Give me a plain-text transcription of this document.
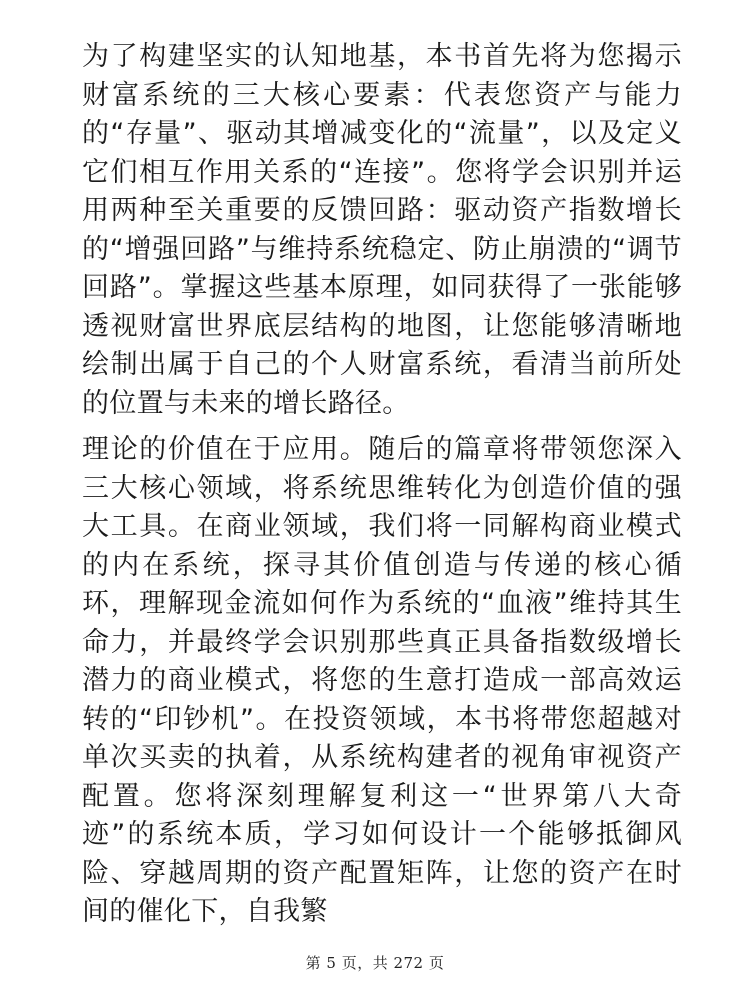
为了构建坚实的认知地基，本书首先将为您揭示财富系统的三大核心要素：代表您资产与能力的“存量”、驱动其增减变化的“流量”，以及定义它们相互作用关系的“连接”。您将学会识别并运用两种至关重要的反馈回路：驱动资产指数增长的“增强回路”与维持系统稳定、防止崩溃的“调节回路”。掌握这些基本原理，如同获得了一张能够透视财富世界底层结构的地图，让您能够清晰地绘制出属于自己的个人财富系统，看清当前所处的位置与未来的增长路径。

理论的价值在于应用。随后的篇章将带领您深入三大核心领域，将系统思维转化为创造价值的强大工具。在商业领域，我们将一同解构商业模式的内在系统，探寻其价值创造与传递的核心循环，理解现金流如何作为系统的“血液”维持其生命力，并最终学会识别那些真正具备指数级增长潜力的商业模式，将您的生意打造成一部高效运转的“印钞机”。在投资领域，本书将带您超越对单次买卖的执着，从系统构建者的视角审视资产配置。您将深刻理解复利这一“世界第八大奇迹”的系统本质，学习如何设计一个能够抵御风险、穿越周期的资产配置矩阵，让您的资产在时间的催化下，自我繁

第 5 页，共 272 页
